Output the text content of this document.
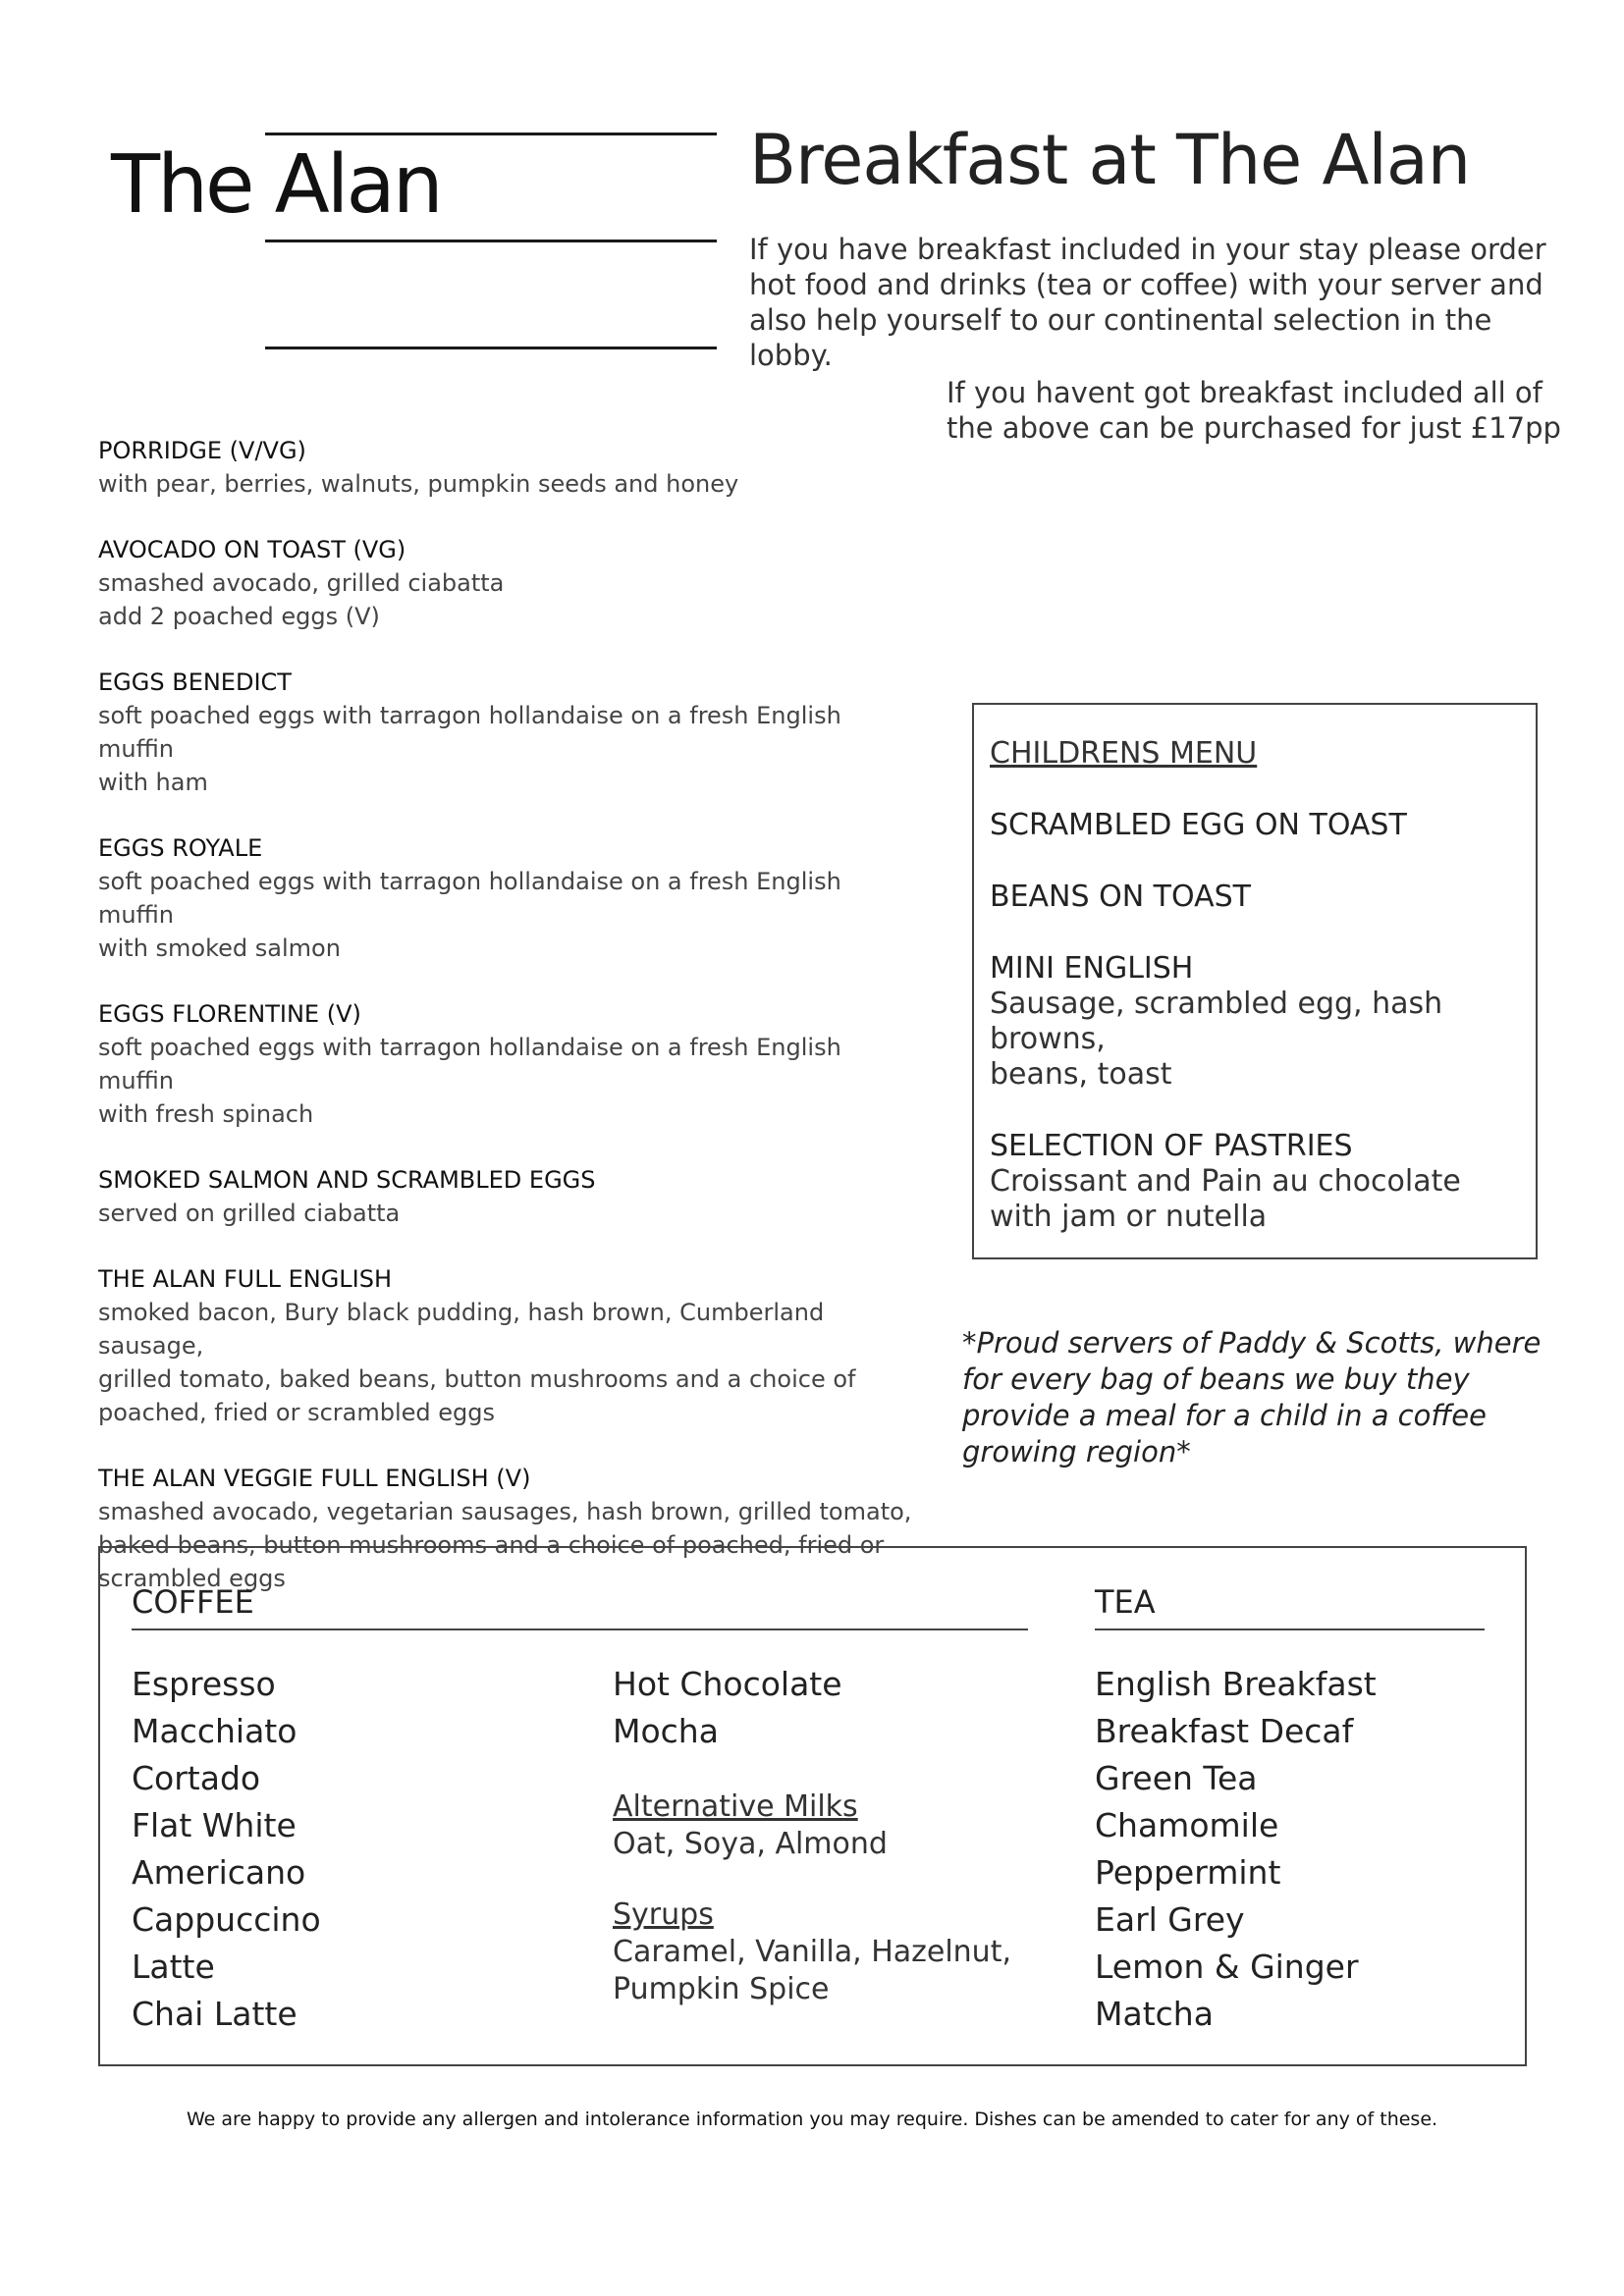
The Alan	Breakfast at The Alan

If you have breakfast included in your stay please order

hot food and drinks (tea or coffee) with your server and

also help yourself to our continental selection in the lobby.

If you havent got breakfast included all of

the above can be purchased for just £17pp

PORRIDGE (V/VG)
with pear, berries, walnuts, pumpkin seeds and honey
AVOCADO ON TOAST (VG)
smashed avocado, grilled ciabatta
add 2 poached eggs (V)
EGGS BENEDICT
soft poached eggs with tarragon hollandaise on a fresh English muffin
with ham
EGGS ROYALE
soft poached eggs with tarragon hollandaise on a fresh English muffin
with smoked salmon
EGGS FLORENTINE (V)
soft poached eggs with tarragon hollandaise on a fresh English muffin
with fresh spinach
SMOKED SALMON AND SCRAMBLED EGGS
served on grilled ciabatta
THE ALAN FULL ENGLISH
smoked bacon, Bury black pudding, hash brown, Cumberland sausage,
grilled tomato, baked beans, button mushrooms and a choice of
poached, fried or scrambled eggs
THE ALAN VEGGIE FULL ENGLISH (V)
smashed avocado, vegetarian sausages, hash brown, grilled tomato,
baked beans, button mushrooms and a choice of poached, fried or
scrambled eggs
CHILDRENS MENU
SCRAMBLED EGG ON TOAST
BEANS ON TOAST
MINI ENGLISH
Sausage, scrambled egg, hash browns,
beans, toast
SELECTION OF PASTRIES
Croissant and Pain au chocolate
with jam or nutella
*Proud servers of Paddy & Scotts, where
for every bag of beans we buy they
provide a meal for a child in a coffee
growing region*
COFFEE
Espresso
Macchiato
Cortado
Flat White
Americano
Cappuccino
Latte
Chai Latte
Hot Chocolate
Mocha
Alternative Milks
Oat, Soya, Almond
Syrups
Caramel, Vanilla, Hazelnut,
Pumpkin Spice
TEA
English Breakfast
Breakfast Decaf
Green Tea
Chamomile
Peppermint
Earl Grey
Lemon & Ginger
Matcha
We are happy to provide any allergen and intolerance information you may require. Dishes can be amended to cater for any of these.
